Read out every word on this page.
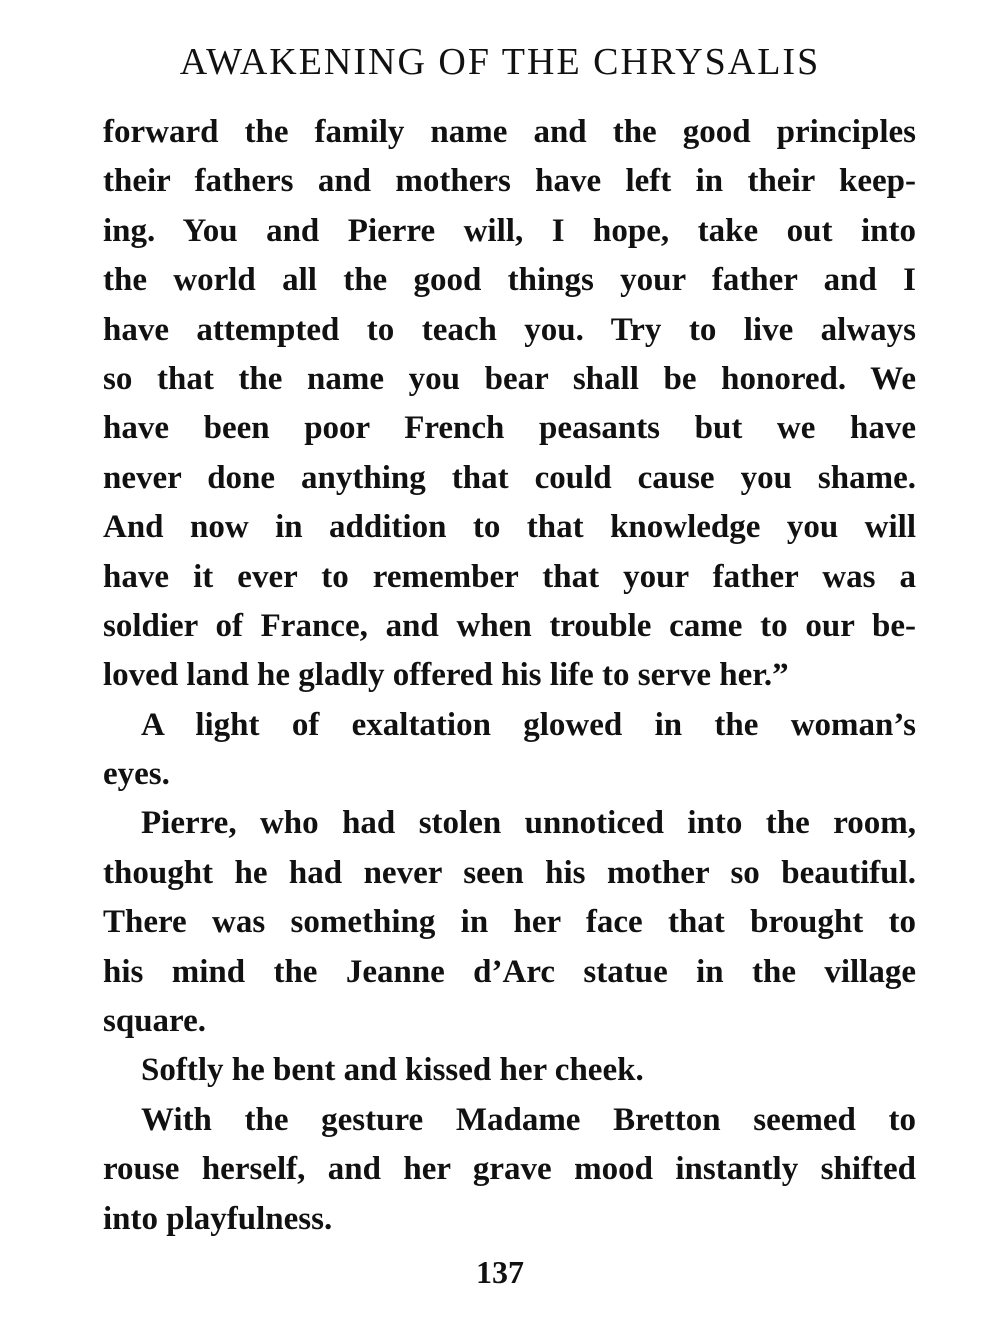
AWAKENING OF THE CHRYSALIS
forward the family name and the good principles
their fathers and mothers have left in their keep-
ing. You and Pierre will, I hope, take out into
the world all the good things your father and I
have attempted to teach you. Try to live always
so that the name you bear shall be honored. We
have been poor French peasants but we have
never done anything that could cause you shame.
And now in addition to that knowledge you will
have it ever to remember that your father was a
soldier of France, and when trouble came to our be-
loved land he gladly offered his life to serve her.”
A light of exaltation glowed in the woman’s
eyes.
Pierre, who had stolen unnoticed into the room,
thought he had never seen his mother so beautiful.
There was something in her face that brought to
his mind the Jeanne d’Arc statue in the village
square.
Softly he bent and kissed her cheek.
With the gesture Madame Bretton seemed to
rouse herself, and her grave mood instantly shifted
into playfulness.
137
